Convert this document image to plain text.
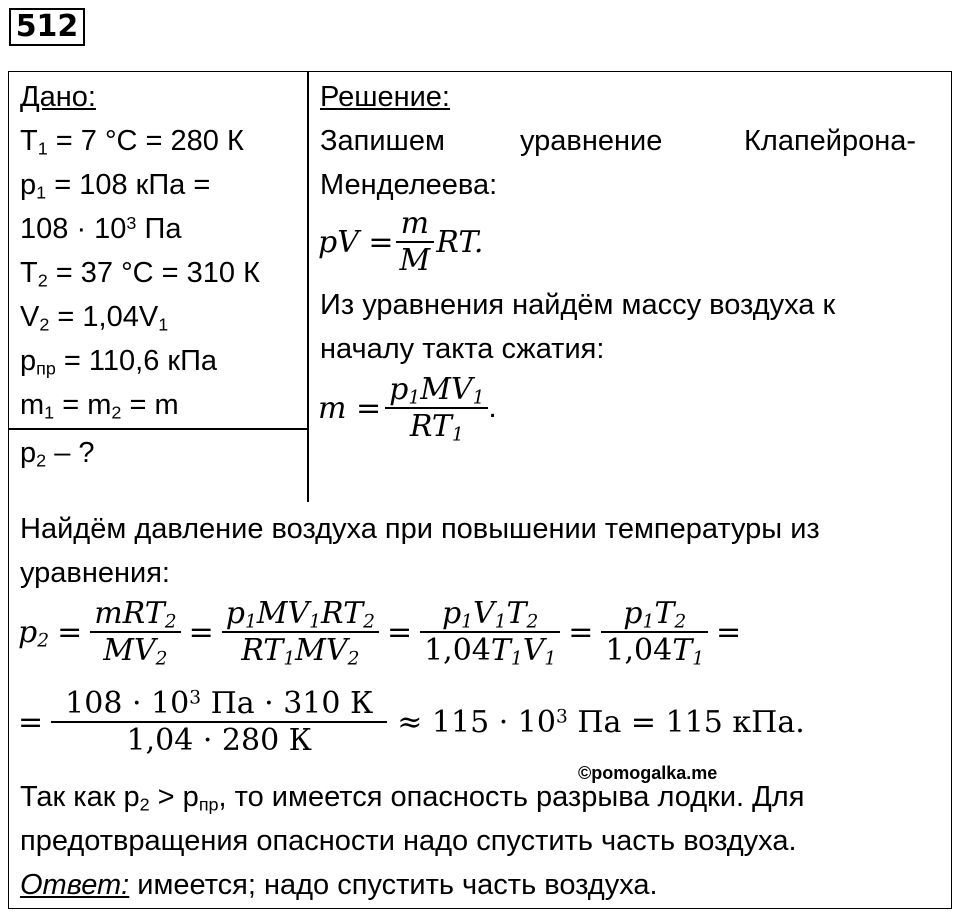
512
Дано:
$T_1 = 7$ °C = 280 К
$p_1 = 108$ кПа =
$108 \cdot 10^3$ Па
$T_2 = 37$ °C = 310 К
$V_2 = 1,04V_1$
$p_{пр} = 110,6$ кПа
$m_1 = m_2 = m$
$p_2$ – ?
Решение:
Запишем	уравнение	Клапейрона-
Менделеева:
pV = $\frac{m}{M}$ RT.
Из уравнения найдём массу воздуха к
началу такта сжатия:
$m = \frac{p_1MV_1}{RT_1}$ .
Найдём давление воздуха при повышении температуры из
уравнения:
$p_2 = \frac{mRT_2}{MV_2} = \frac{p_1MV_1RT_2}{RT_1MV_2} = \frac{p_1V_1T_2}{1,04T_1V_1} = \frac{p_1T_2}{1,04T_1}$ =
= $\frac{108 \cdot 10^3 Па \cdot 310 К}{1,04 \cdot 280 К} \approx 115 \cdot 10^3$ Па = 115 кПа.
©pomogalka.me
Так как $p_2 > p_{пр}$, то имеется опасность разрыва лодки. Для
предотвращения опасности надо спустить часть воздуха.
Ответ: имеется; надо спустить часть воздуха.
